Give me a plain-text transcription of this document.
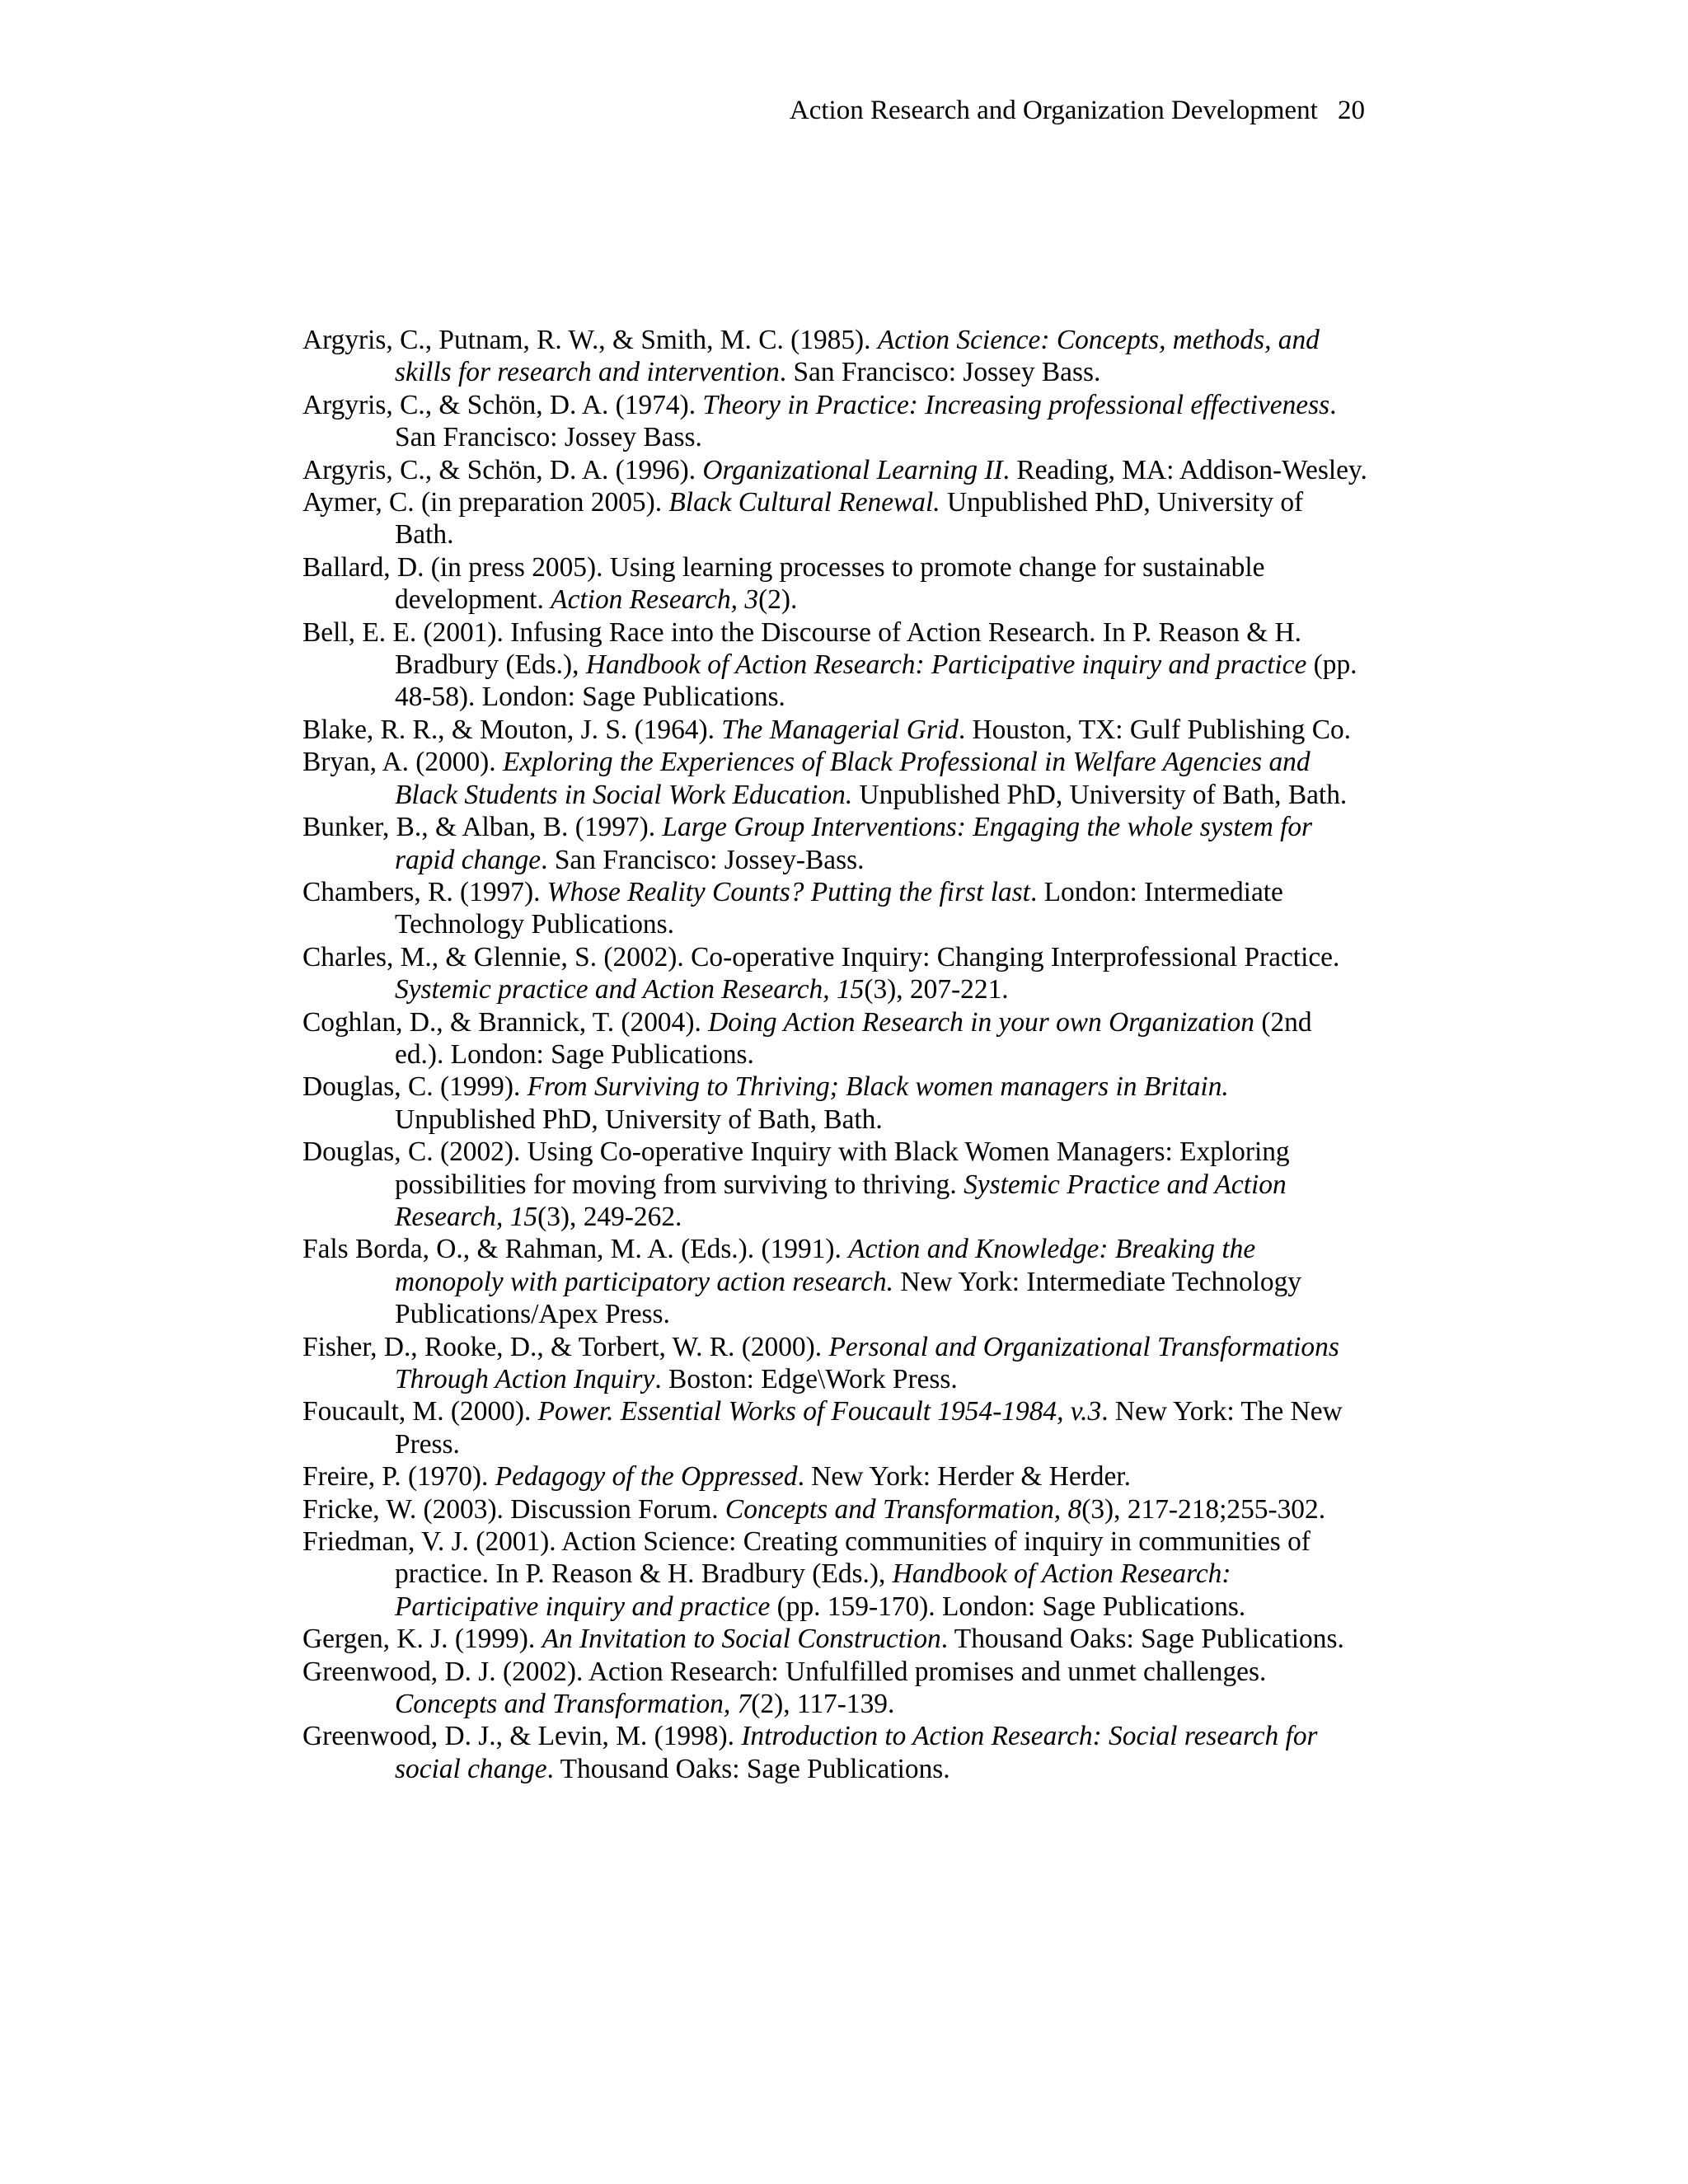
Action Research and Organization Development 20
Argyris, C., Putnam, R. W., & Smith, M. C. (1985). Action Science: Concepts, methods, and skills for research and intervention. San Francisco: Jossey Bass.
Argyris, C., & Schön, D. A. (1974). Theory in Practice: Increasing professional effectiveness. San Francisco: Jossey Bass.
Argyris, C., & Schön, D. A. (1996). Organizational Learning II. Reading, MA: Addison-Wesley.
Aymer, C. (in preparation 2005). Black Cultural Renewal. Unpublished PhD, University of Bath.
Ballard, D. (in press 2005). Using learning processes to promote change for sustainable development. Action Research, 3(2).
Bell, E. E. (2001). Infusing Race into the Discourse of Action Research. In P. Reason & H. Bradbury (Eds.), Handbook of Action Research: Participative inquiry and practice (pp. 48-58). London: Sage Publications.
Blake, R. R., & Mouton, J. S. (1964). The Managerial Grid. Houston, TX: Gulf Publishing Co.
Bryan, A. (2000). Exploring the Experiences of Black Professional in Welfare Agencies and Black Students in Social Work Education. Unpublished PhD, University of Bath, Bath.
Bunker, B., & Alban, B. (1997). Large Group Interventions: Engaging the whole system for rapid change. San Francisco: Jossey-Bass.
Chambers, R. (1997). Whose Reality Counts? Putting the first last. London: Intermediate Technology Publications.
Charles, M., & Glennie, S. (2002). Co-operative Inquiry: Changing Interprofessional Practice. Systemic practice and Action Research, 15(3), 207-221.
Coghlan, D., & Brannick, T. (2004). Doing Action Research in your own Organization (2nd ed.). London: Sage Publications.
Douglas, C. (1999). From Surviving to Thriving; Black women managers in Britain. Unpublished PhD, University of Bath, Bath.
Douglas, C. (2002). Using Co-operative Inquiry with Black Women Managers: Exploring possibilities for moving from surviving to thriving. Systemic Practice and Action Research, 15(3), 249-262.
Fals Borda, O., & Rahman, M. A. (Eds.). (1991). Action and Knowledge: Breaking the monopoly with participatory action research. New York: Intermediate Technology Publications/Apex Press.
Fisher, D., Rooke, D., & Torbert, W. R. (2000). Personal and Organizational Transformations Through Action Inquiry. Boston: Edge\Work Press.
Foucault, M. (2000). Power. Essential Works of Foucault 1954-1984, v.3. New York: The New Press.
Freire, P. (1970). Pedagogy of the Oppressed. New York: Herder & Herder.
Fricke, W. (2003). Discussion Forum. Concepts and Transformation, 8(3), 217-218;255-302.
Friedman, V. J. (2001). Action Science: Creating communities of inquiry in communities of practice. In P. Reason & H. Bradbury (Eds.), Handbook of Action Research: Participative inquiry and practice (pp. 159-170). London: Sage Publications.
Gergen, K. J. (1999). An Invitation to Social Construction. Thousand Oaks: Sage Publications.
Greenwood, D. J. (2002). Action Research: Unfulfilled promises and unmet challenges. Concepts and Transformation, 7(2), 117-139.
Greenwood, D. J., & Levin, M. (1998). Introduction to Action Research: Social research for social change. Thousand Oaks: Sage Publications.
